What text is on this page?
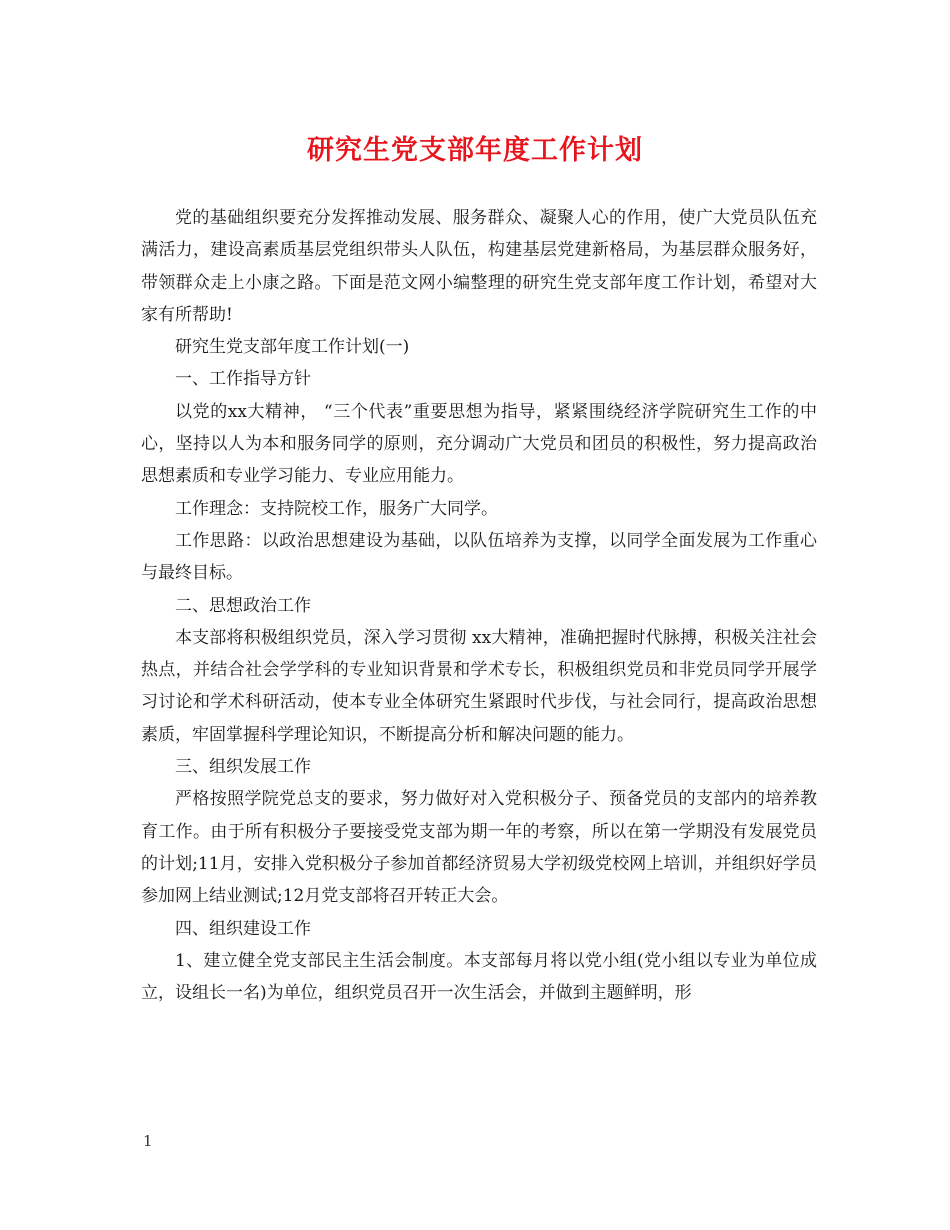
研究生党支部年度工作计划

党的基础组织要充分发挥推动发展、服务群众、凝聚人心的作用，使广大党员队伍充满活力，建设高素质基层党组织带头人队伍，构建基层党建新格局，为基层群众服务好，带领群众走上小康之路。下面是范文网小编整理的研究生党支部年度工作计划，希望对大家有所帮助!

研究生党支部年度工作计划(一)

一、工作指导方针

以党的xx大精神， “三个代表”重要思想为指导，紧紧围绕经济学院研究生工作的中心，坚持以人为本和服务同学的原则，充分调动广大党员和团员的积极性，努力提高政治思想素质和专业学习能力、专业应用能力。

工作理念：支持院校工作，服务广大同学。

工作思路：以政治思想建设为基础，以队伍培养为支撑，以同学全面发展为工作重心与最终目标。

二、思想政治工作

本支部将积极组织党员，深入学习贯彻 xx大精神，准确把握时代脉搏，积极关注社会热点，并结合社会学学科的专业知识背景和学术专长，积极组织党员和非党员同学开展学习讨论和学术科研活动，使本专业全体研究生紧跟时代步伐，与社会同行，提高政治思想素质，牢固掌握科学理论知识，不断提高分析和解决问题的能力。

三、组织发展工作

严格按照学院党总支的要求，努力做好对入党积极分子、预备党员的支部内的培养教育工作。由于所有积极分子要接受党支部为期一年的考察，所以在第一学期没有发展党员的计划;11月，安排入党积极分子参加首都经济贸易大学初级党校网上培训，并组织好学员参加网上结业测试;12月党支部将召开转正大会。

四、组织建设工作

1、建立健全党支部民主生活会制度。本支部每月将以党小组(党小组以专业为单位成立，设组长一名)为单位，组织党员召开一次生活会，并做到主题鲜明，形

1
